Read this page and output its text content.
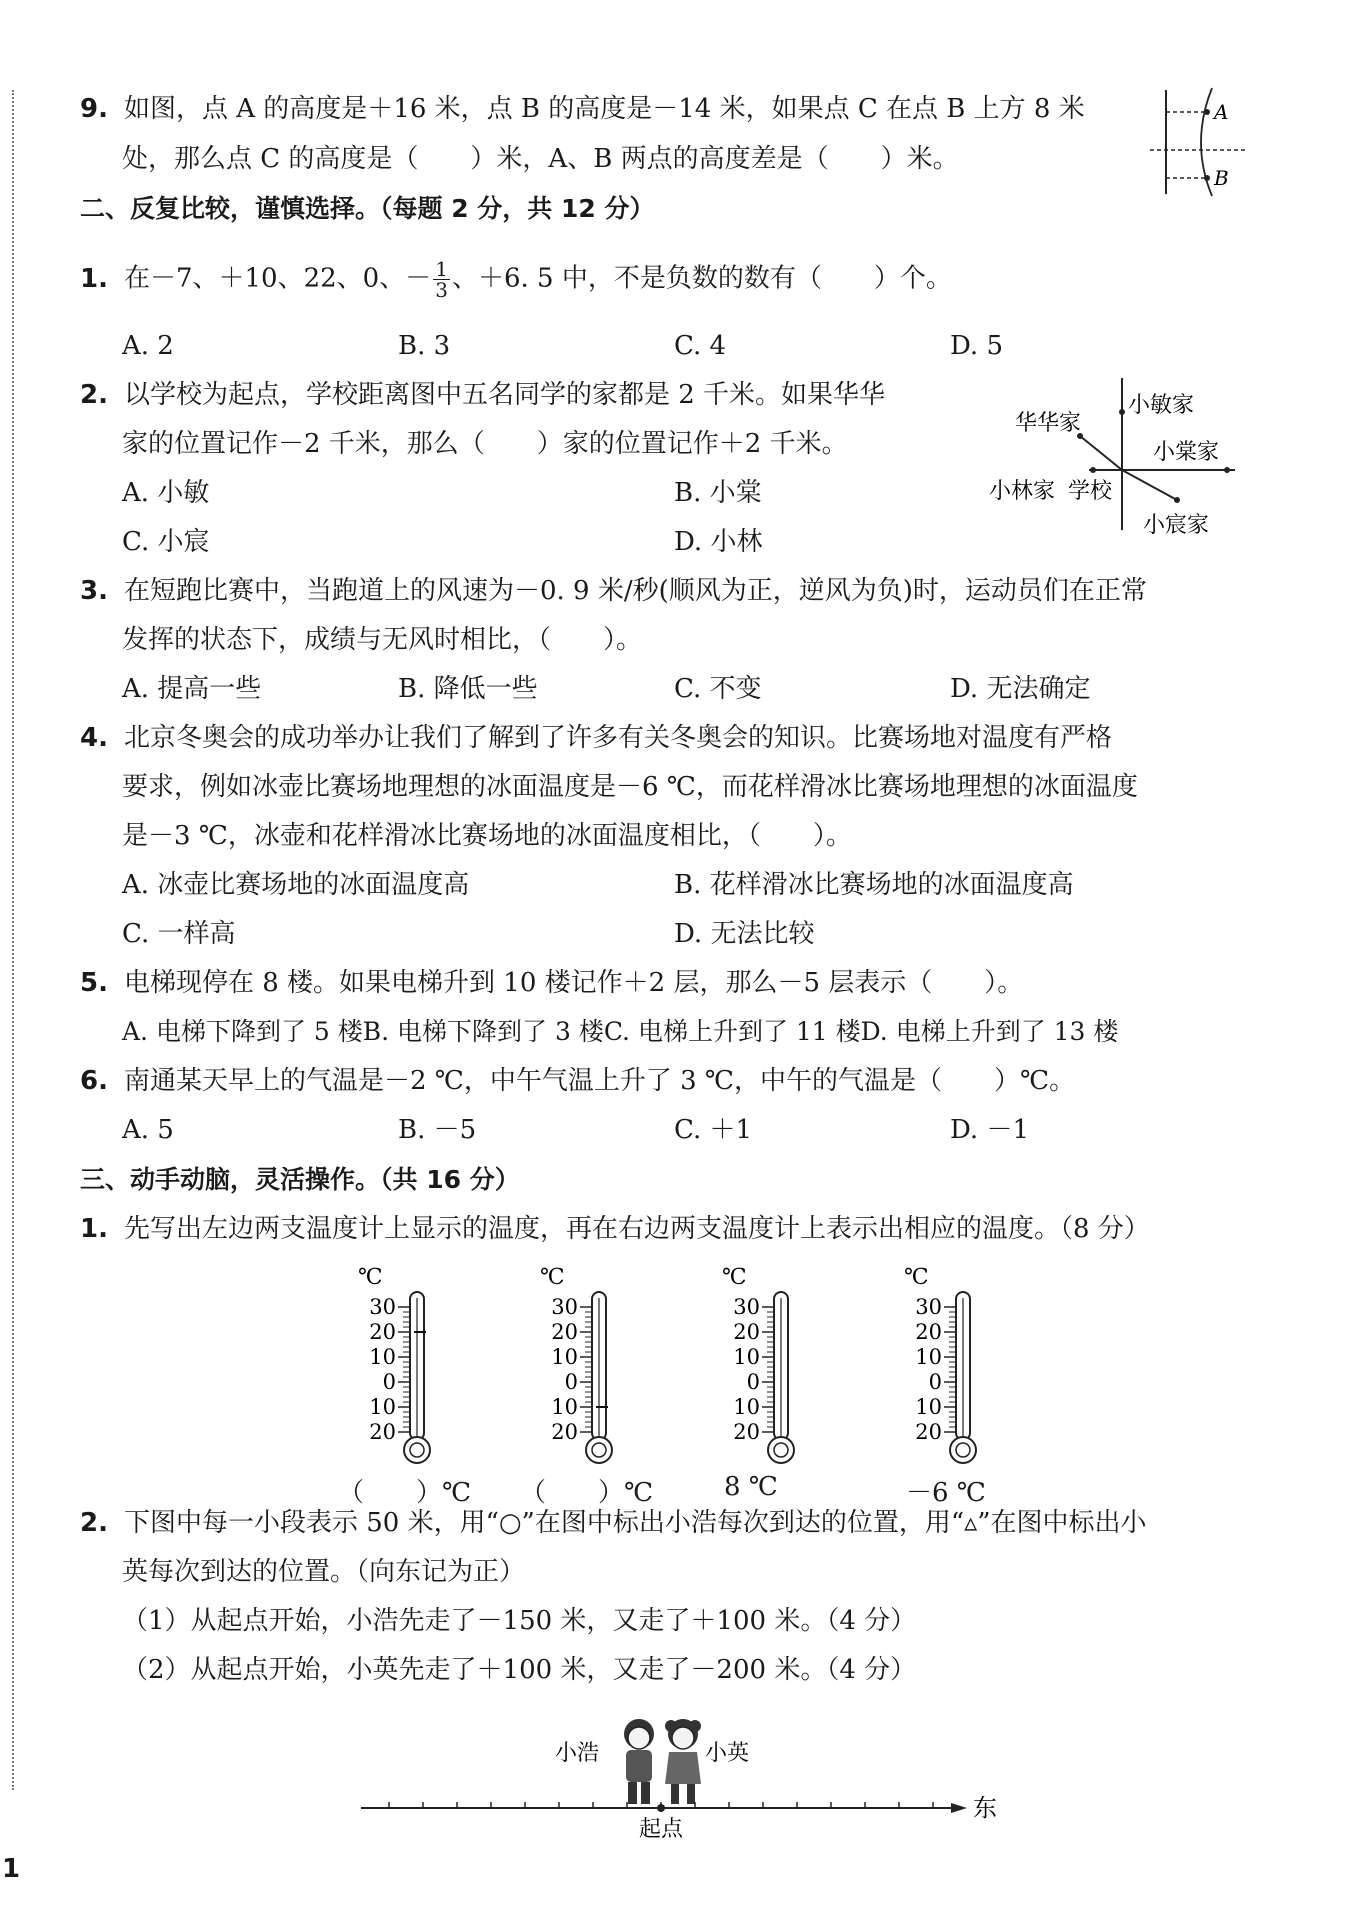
9. 如图，点 A 的高度是＋16 米，点 B 的高度是－14 米，如果点 C 在点 B 上方 8 米
处，那么点 C 的高度是（　　）米，A、B 两点的高度差是（　　）米。
A
B
二、反复比较，谨慎选择。（每题 2 分，共 12 分）
1. 在－7、＋10、22、0、－ $\frac{1}{3}$ 、＋6. 5 中，不是负数的数有（　　）个。
A. 2	B. 3	C. 4	D. 5
2. 以学校为起点，学校距离图中五名同学的家都是 2 千米。如果华华
家的位置记作－2 千米，那么（　　）家的位置记作＋2 千米。
A. 小敏	B. 小棠
C. 小宸	D. 小林
华华家
小敏家
小棠家
小林家 学校
小宸家
3. 在短跑比赛中，当跑道上的风速为－0. 9 米/秒(顺风为正，逆风为负)时，运动员们在正常
发挥的状态下，成绩与无风时相比，（　　）。
A. 提高一些	B. 降低一些	C. 不变	D. 无法确定
4. 北京冬奥会的成功举办让我们了解到了许多有关冬奥会的知识。比赛场地对温度有严格
要求，例如冰壶比赛场地理想的冰面温度是－6 ℃，而花样滑冰比赛场地理想的冰面温度
是－3 ℃，冰壶和花样滑冰比赛场地的冰面温度相比，（　　）。
A. 冰壶比赛场地的冰面温度高	B. 花样滑冰比赛场地的冰面温度高
C. 一样高	D. 无法比较
5. 电梯现停在 8 楼。如果电梯升到 10 楼记作＋2 层，那么－5 层表示（　　）。
A. 电梯下降到了 5 楼B. 电梯下降到了 3 楼C. 电梯上升到了 11 楼D. 电梯上升到了 13 楼
6. 南通某天早上的气温是－2 ℃，中午气温上升了 3 ℃，中午的气温是（　　）℃。
A. 5	B. －5	C. ＋1	D. －1
三、动手动脑，灵活操作。（共 16 分）
1. 先写出左边两支温度计上显示的温度，再在右边两支温度计上表示出相应的温度。（8 分）
℃
30
20
10
0
10
20
（　　）℃
℃
30
20
10
0
10
20
（　　）℃
℃
30
20
10
0
10
20
8 ℃
℃
30
20
10
0
10
20
－6 ℃
2. 下图中每一小段表示 50 米，用“○”在图中标出小浩每次到达的位置，用“▵”在图中标出小
英每次到达的位置。（向东记为正）
（1）从起点开始，小浩先走了－150 米，又走了＋100 米。（4 分）
（2）从起点开始，小英先走了＋100 米，又走了－200 米。（4 分）
小浩	小英
起点
东
1
